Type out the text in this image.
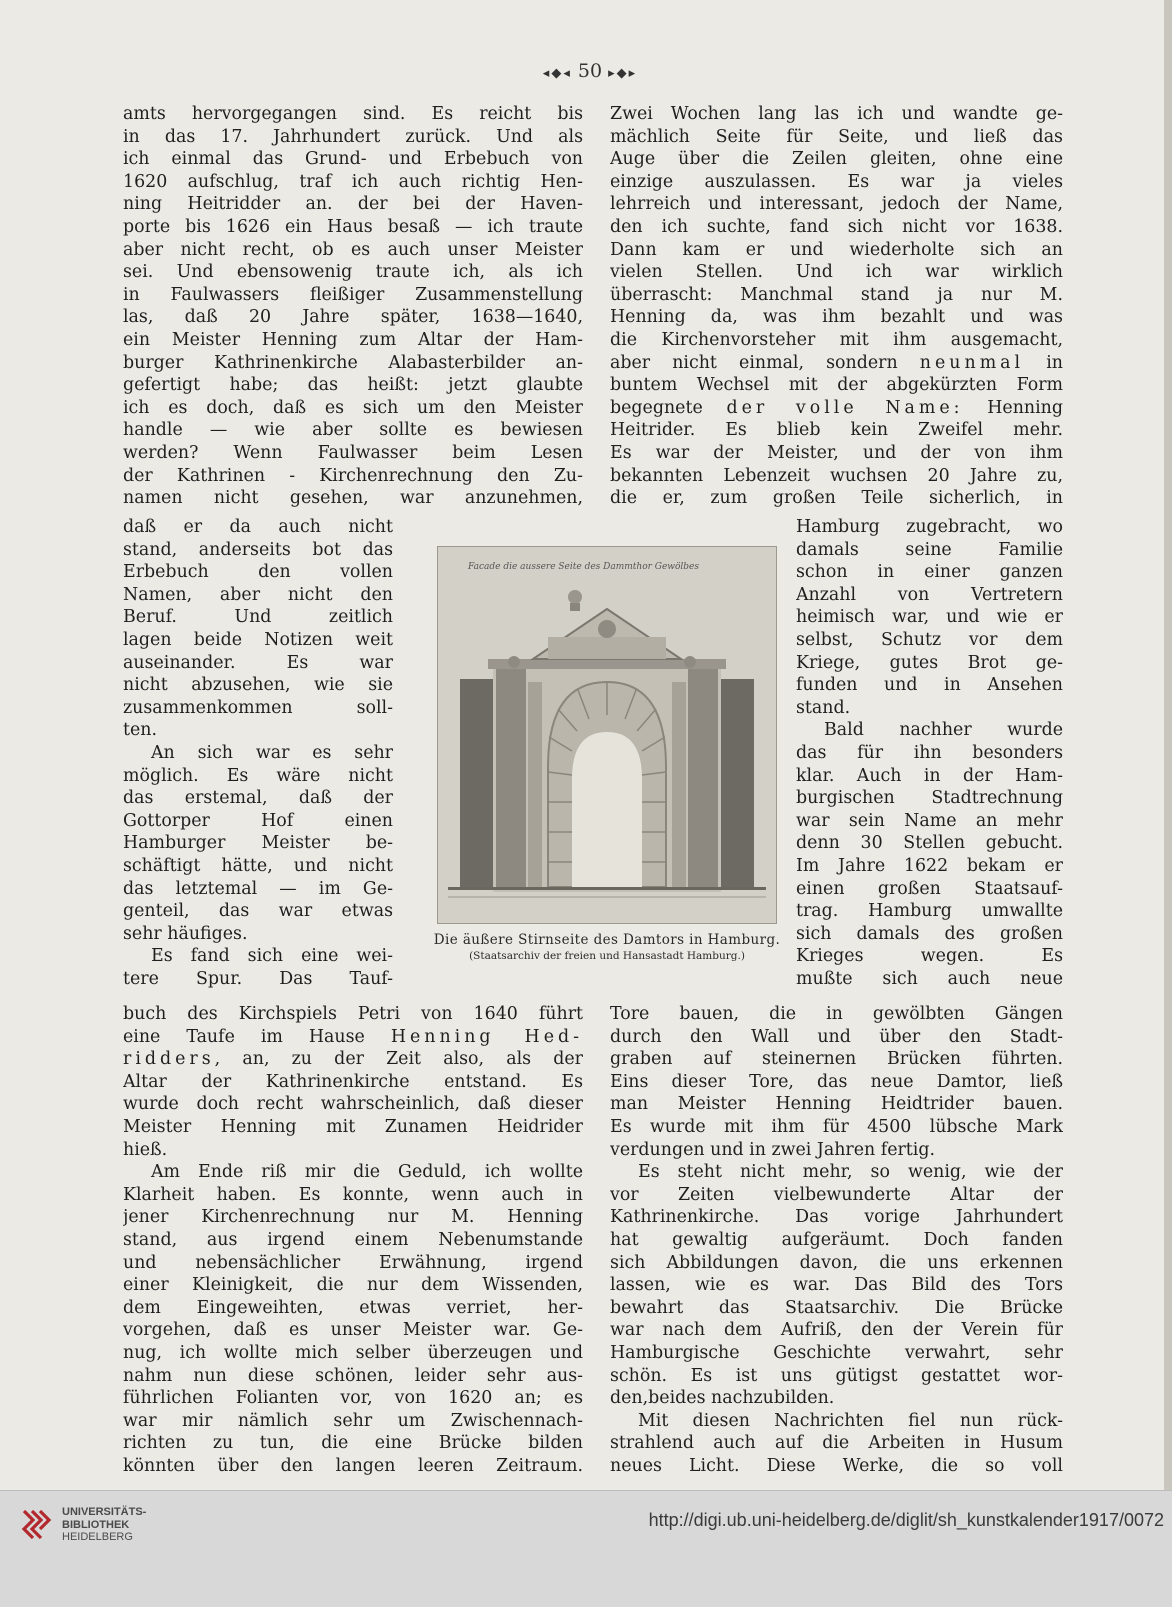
◂◆◂ 50 ▸◆▸
amts hervorgegangen sind. Es reicht bis
in das 17. Jahrhundert zurück. Und als
ich einmal das Grund- und Erbebuch von
1620 aufschlug, traf ich auch richtig Hen-
ning Heitridder an. der bei der Haven-
porte bis 1626 ein Haus besaß — ich traute
aber nicht recht, ob es auch unser Meister
sei. Und ebensowenig traute ich, als ich
in Faulwassers fleißiger Zusammenstellung
las, daß 20 Jahre später, 1638—1640,
ein Meister Henning zum Altar der Ham-
burger Kathrinenkirche Alabasterbilder an-
gefertigt habe; das heißt: jetzt glaubte
ich es doch, daß es sich um den Meister
handle — wie aber sollte es bewiesen
werden? Wenn Faulwasser beim Lesen
der Kathrinen - Kirchenrechnung den Zu-
namen nicht gesehen, war anzunehmen,
daß er da auch nicht
stand, anderseits bot das
Erbebuch den vollen
Namen, aber nicht den
Beruf. Und zeitlich
lagen beide Notizen weit
auseinander. Es war
nicht abzusehen, wie sie
zusammenkommen soll-
ten.
An sich war es sehr
möglich. Es wäre nicht
das erstemal, daß der
Gottorper Hof einen
Hamburger Meister be-
schäftigt hätte, und nicht
das letztemal — im Ge-
genteil, das war etwas
sehr häufiges.
Es fand sich eine wei-
tere Spur. Das Tauf-
Facade die aussere Seite des Dammthor Gewölbes
Die äußere Stirnseite des Damtors in Hamburg.
(Staatsarchiv der freien und Hansastadt Hamburg.)
buch des Kirchspiels Petri von 1640 führt
eine Taufe im Hause Henning Hed-
ridders, an, zu der Zeit also, als der
Altar der Kathrinenkirche entstand. Es
wurde doch recht wahrscheinlich, daß dieser
Meister Henning mit Zunamen Heidrider
hieß.
Am Ende riß mir die Geduld, ich wollte
Klarheit haben. Es konnte, wenn auch in
jener Kirchenrechnung nur M. Henning
stand, aus irgend einem Nebenumstande
und nebensächlicher Erwähnung, irgend
einer Kleinigkeit, die nur dem Wissenden,
dem Eingeweihten, etwas verriet, her-
vorgehen, daß es unser Meister war. Ge-
nug, ich wollte mich selber überzeugen und
nahm nun diese schönen, leider sehr aus-
führlichen Folianten vor, von 1620 an; es
war mir nämlich sehr um Zwischennach-
richten zu tun, die eine Brücke bilden
könnten über den langen leeren Zeitraum.
Zwei Wochen lang las ich und wandte ge-
mächlich Seite für Seite, und ließ das
Auge über die Zeilen gleiten, ohne eine
einzige auszulassen. Es war ja vieles
lehrreich und interessant, jedoch der Name,
den ich suchte, fand sich nicht vor 1638.
Dann kam er und wiederholte sich an
vielen Stellen. Und ich war wirklich
überrascht: Manchmal stand ja nur M.
Henning da, was ihm bezahlt und was
die Kirchenvorsteher mit ihm ausgemacht,
aber nicht einmal, sondern neunmal in
buntem Wechsel mit der abgekürzten Form
begegnete der volle Name: Henning
Heitrider. Es blieb kein Zweifel mehr.
Es war der Meister, und der von ihm
bekannten Lebenzeit wuchsen 20 Jahre zu,
die er, zum großen Teile sicherlich, in
Hamburg zugebracht, wo
damals seine Familie
schon in einer ganzen
Anzahl von Vertretern
heimisch war, und wie er
selbst, Schutz vor dem
Kriege, gutes Brot ge-
funden und in Ansehen
stand.
Bald nachher wurde
das für ihn besonders
klar. Auch in der Ham-
burgischen Stadtrechnung
war sein Name an mehr
denn 30 Stellen gebucht.
Im Jahre 1622 bekam er
einen großen Staatsauf-
trag. Hamburg umwallte
sich damals des großen
Krieges wegen. Es
mußte sich auch neue
Tore bauen, die in gewölbten Gängen
durch den Wall und über den Stadt-
graben auf steinernen Brücken führten.
Eins dieser Tore, das neue Damtor, ließ
man Meister Henning Heidtrider bauen.
Es wurde mit ihm für 4500 lübsche Mark
verdungen und in zwei Jahren fertig.
Es steht nicht mehr, so wenig, wie der
vor Zeiten vielbewunderte Altar der
Kathrinenkirche. Das vorige Jahrhundert
hat gewaltig aufgeräumt. Doch fanden
sich Abbildungen davon, die uns erkennen
lassen, wie es war. Das Bild des Tors
bewahrt das Staatsarchiv. Die Brücke
war nach dem Aufriß, den der Verein für
Hamburgische Geschichte verwahrt, sehr
schön. Es ist uns gütigst gestattet wor-
den,beides nachzubilden.
Mit diesen Nachrichten fiel nun rück-
strahlend auch auf die Arbeiten in Husum
neues Licht. Diese Werke, die so voll
UNIVERSITÄTS-
BIBLIOTHEK
HEIDELBERG
http://digi.ub.uni-heidelberg.de/diglit/sh_kunstkalender1917/0072
